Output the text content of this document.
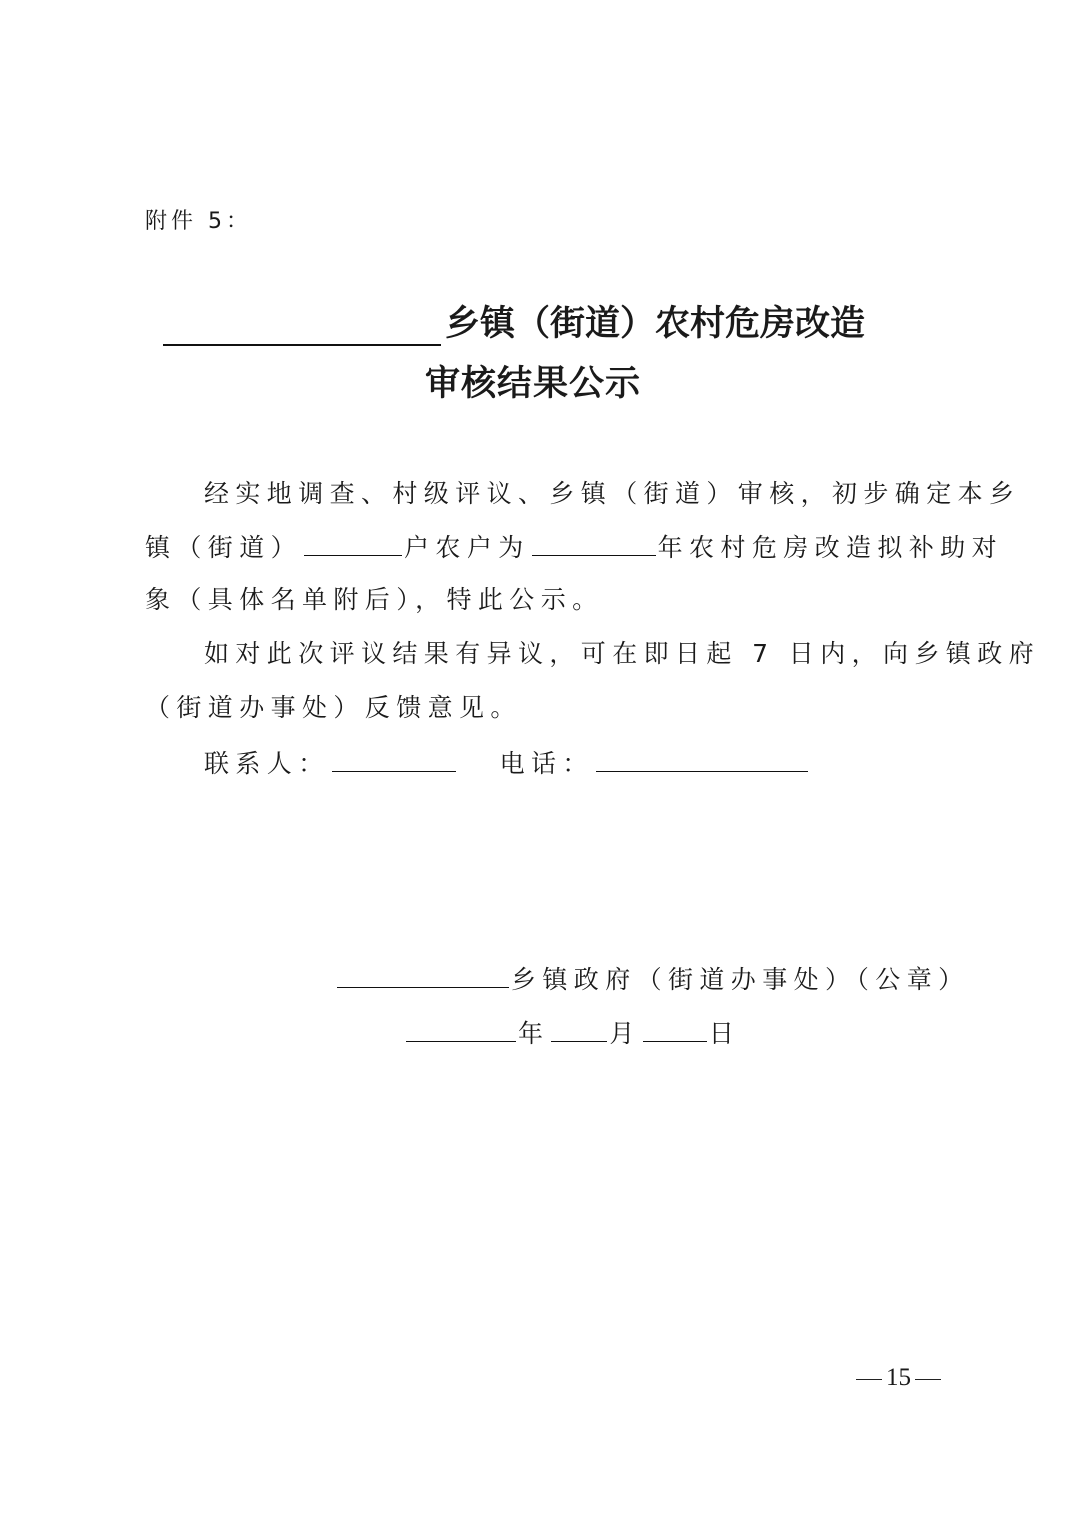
附件 5：
乡镇（街道）农村危房改造
审核结果公示
经实地调查、村级评议、乡镇（街道）审核，初步确定本乡
镇（街道）	户农户为	年农村危房改造拟补助对
象（具体名单附后），特此公示。
如对此次评议结果有异议，可在即日起 7 日内，向乡镇政府
（街道办事处）反馈意见。
联系人：	电话：
乡镇政府（街道办事处）（公章）
年 月	日
15
